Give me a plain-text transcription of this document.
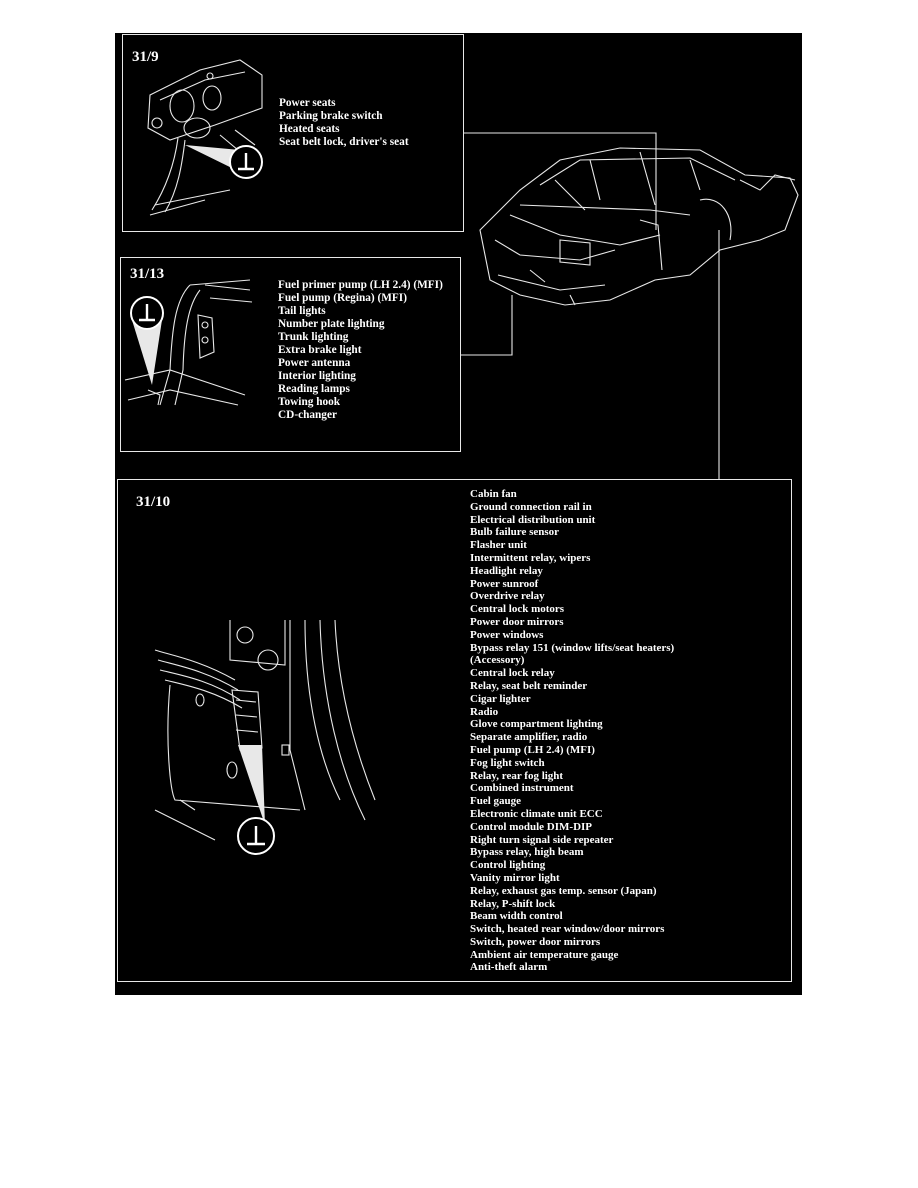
31/9
Power seats
Parking brake switch
Heated seats
Seat belt lock, driver's seat
31/13
Fuel primer pump (LH 2.4) (MFI)
Fuel pump (Regina) (MFI)
Tail lights
Number plate lighting
Trunk lighting
Extra brake light
Power antenna
Interior lighting
Reading lamps
Towing hook
CD-changer
31/10	Cabin fan
Ground connection rail in
Electrical distribution unit
Bulb failure sensor
Flasher unit
Intermittent relay, wipers
Headlight relay
Power sunroof
Overdrive relay
Central lock motors
Power door mirrors
Power windows
Bypass relay 151 (window lifts/seat heaters)
(Accessory)
Central lock relay
Relay, seat belt reminder
Cigar lighter
Radio
Glove compartment lighting
Separate amplifier, radio
Fuel pump (LH 2.4) (MFI)
Fog light switch
Relay, rear fog light
Combined instrument
Fuel gauge
Electronic climate unit ECC
Control module DIM-DIP
Right turn signal side repeater
Bypass relay, high beam
Control lighting
Vanity mirror light
Relay, exhaust gas temp. sensor (Japan)
Relay, P-shift lock
Beam width control
Switch, heated rear window/door mirrors
Switch, power door mirrors
Ambient air temperature gauge
Anti-theft alarm
